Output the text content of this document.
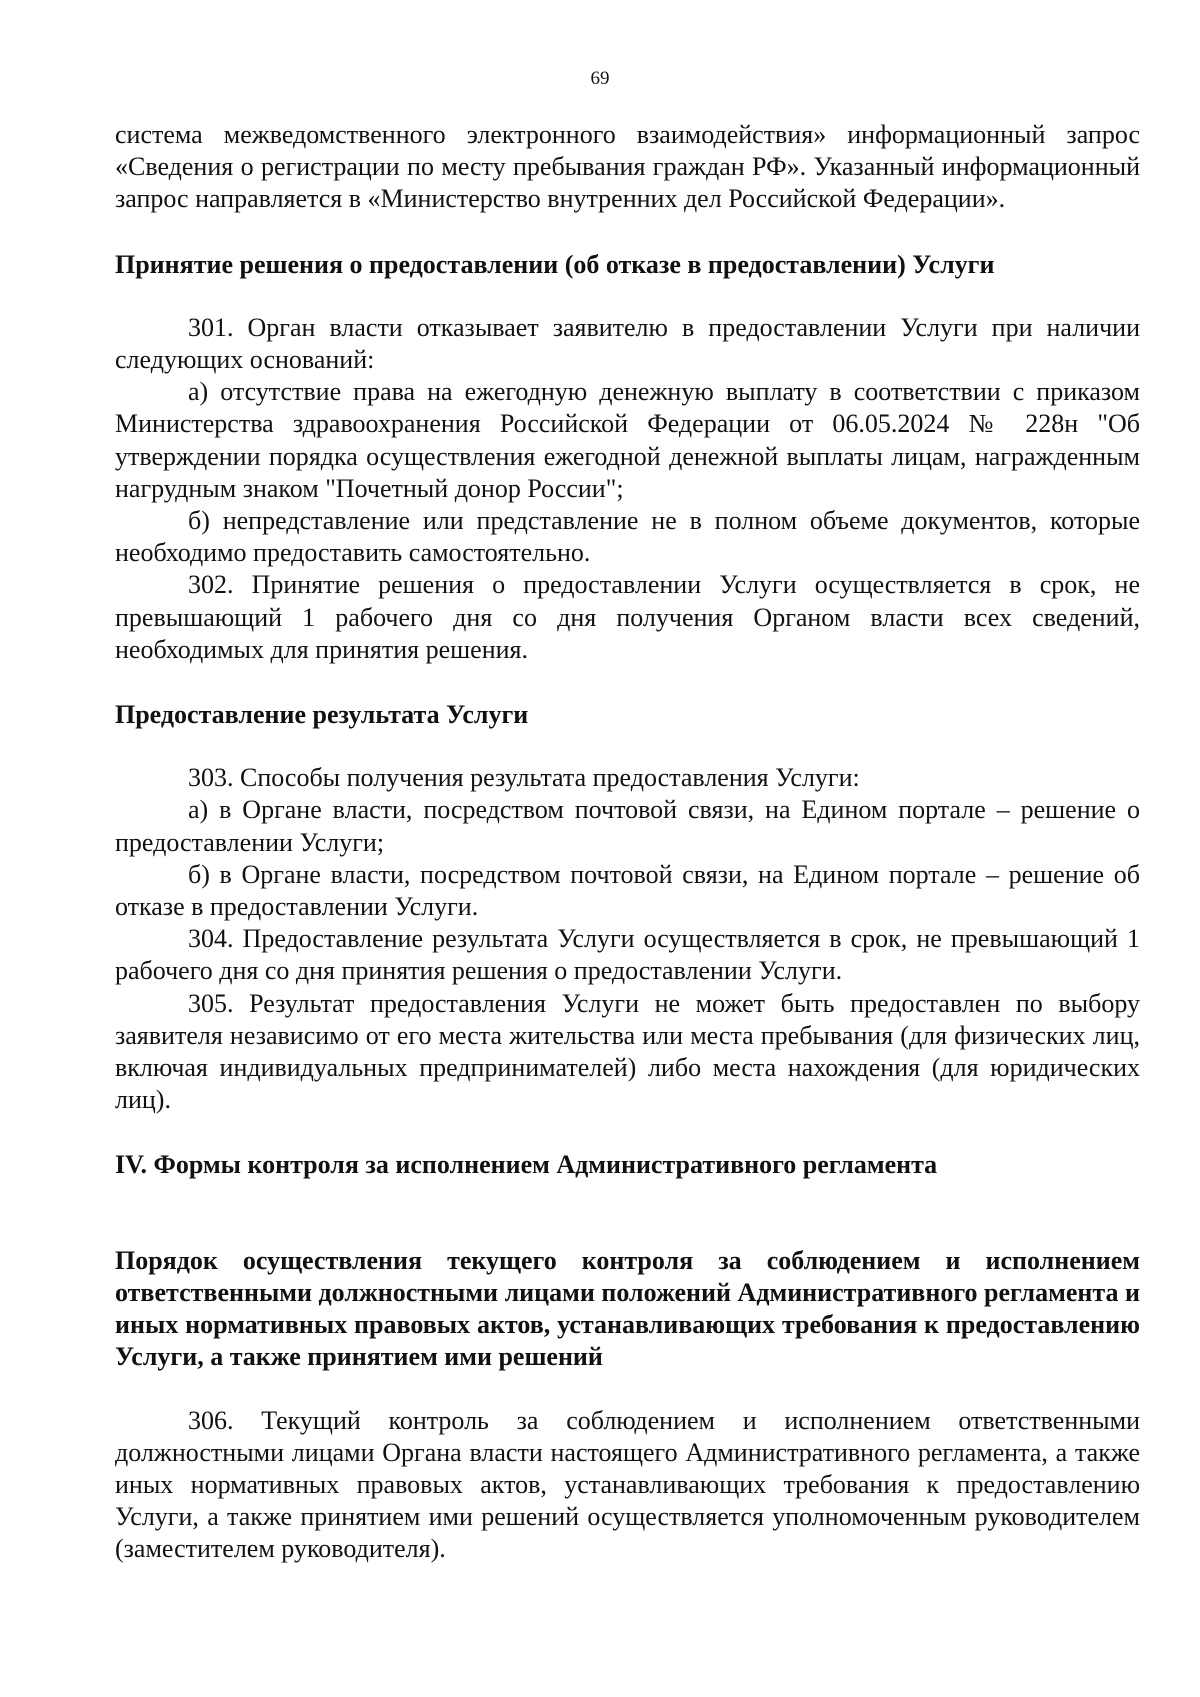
69

система межведомственного электронного взаимодействия» информационный запрос «Сведения о регистрации по месту пребывания граждан РФ». Указанный информационный запрос направляется в «Министерство внутренних дел Российской Федерации».

Принятие решения о предоставлении (об отказе в предоставлении) Услуги

301. Орган власти отказывает заявителю в предоставлении Услуги при наличии следующих оснований:

а) отсутствие права на ежегодную денежную выплату в соответствии с приказом Министерства здравоохранения Российской Федерации от 06.05.2024 № 228н "Об утверждении порядка осуществления ежегодной денежной выплаты лицам, награжденным нагрудным знаком "Почетный донор России";

б) непредставление или представление не в полном объеме документов, которые необходимо предоставить самостоятельно.

302. Принятие решения о предоставлении Услуги осуществляется в срок, не превышающий 1 рабочего дня со дня получения Органом власти всех сведений, необходимых для принятия решения.

Предоставление результата Услуги

303. Способы получения результата предоставления Услуги:

а) в Органе власти, посредством почтовой связи, на Едином портале – решение о предоставлении Услуги;

б) в Органе власти, посредством почтовой связи, на Едином портале – решение об отказе в предоставлении Услуги.

304. Предоставление результата Услуги осуществляется в срок, не превышающий 1 рабочего дня со дня принятия решения о предоставлении Услуги.

305. Результат предоставления Услуги не может быть предоставлен по выбору заявителя независимо от его места жительства или места пребывания (для физических лиц, включая индивидуальных предпринимателей) либо места нахождения (для юридических лиц).

IV. Формы контроля за исполнением Административного регламента

Порядок осуществления текущего контроля за соблюдением и исполнением ответственными должностными лицами положений Административного регламента и иных нормативных правовых актов, устанавливающих требования к предоставлению Услуги, а также принятием ими решений

306. Текущий контроль за соблюдением и исполнением ответственными должностными лицами Органа власти настоящего Административного регламента, а также иных нормативных правовых актов, устанавливающих требования к предоставлению Услуги, а также принятием ими решений осуществляется уполномоченным руководителем (заместителем руководителя).
